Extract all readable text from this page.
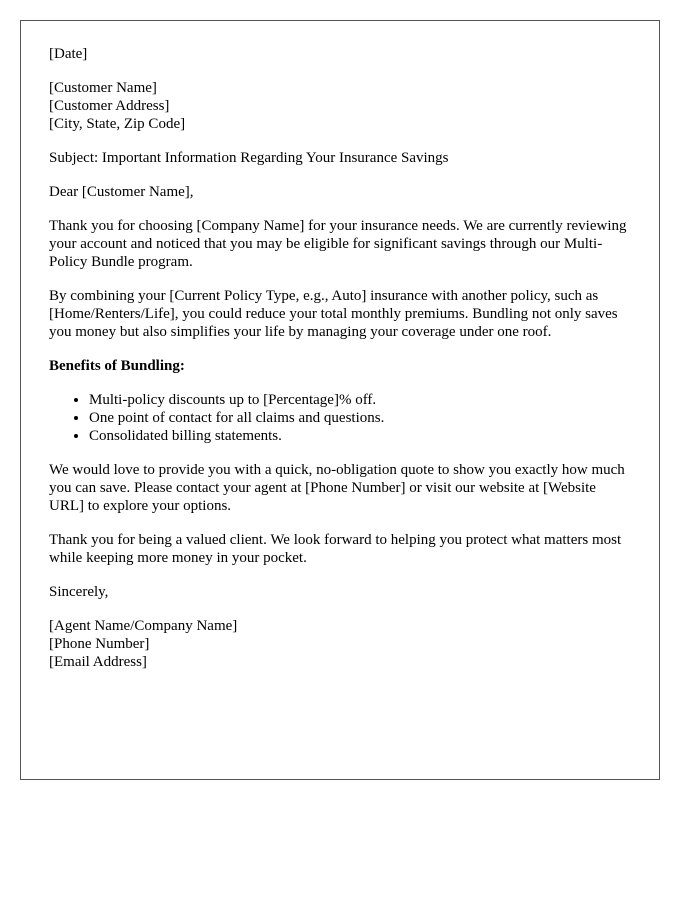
[Date]

[Customer Name]
[Customer Address]
[City, State, Zip Code]

Subject: Important Information Regarding Your Insurance Savings

Dear [Customer Name],

Thank you for choosing [Company Name] for your insurance needs. We are currently reviewing your account and noticed that you may be eligible for significant savings through our Multi-Policy Bundle program.

By combining your [Current Policy Type, e.g., Auto] insurance with another policy, such as [Home/Renters/Life], you could reduce your total monthly premiums. Bundling not only saves you money but also simplifies your life by managing your coverage under one roof.

Benefits of Bundling:

• Multi-policy discounts up to [Percentage]% off.
• One point of contact for all claims and questions.
• Consolidated billing statements.

We would love to provide you with a quick, no-obligation quote to show you exactly how much you can save. Please contact your agent at [Phone Number] or visit our website at [Website URL] to explore your options.

Thank you for being a valued client. We look forward to helping you protect what matters most while keeping more money in your pocket.

Sincerely,

[Agent Name/Company Name]
[Phone Number]
[Email Address]
